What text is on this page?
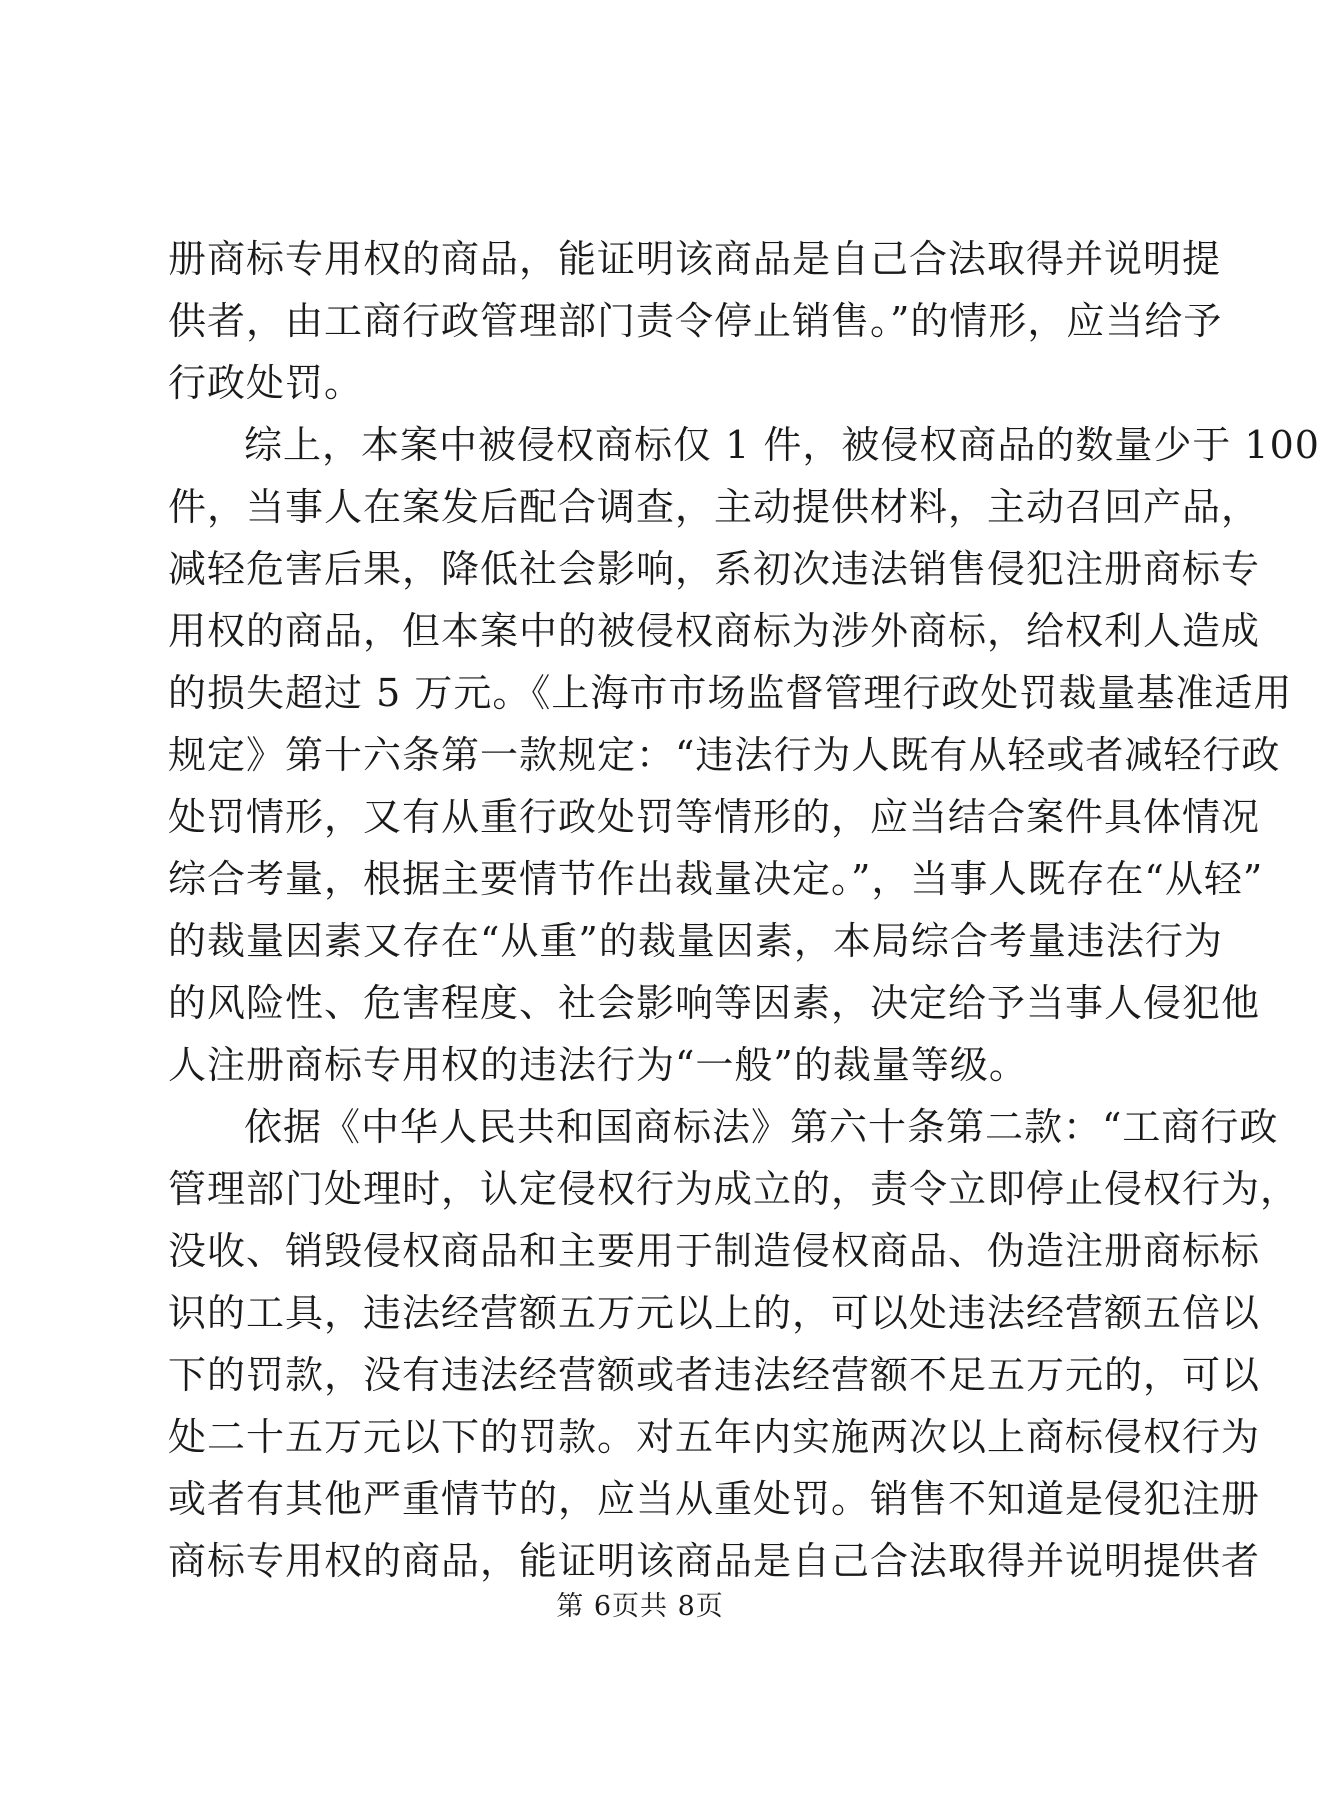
册商标专用权的商品，能证明该商品是自己合法取得并说明提
供者，由工商行政管理部门责令停止销售。”的情形，应当给予
行政处罚。
综上，本案中被侵权商标仅 1 件，被侵权商品的数量少于 100
件，当事人在案发后配合调查，主动提供材料，主动召回产品，
减轻危害后果，降低社会影响，系初次违法销售侵犯注册商标专
用权的商品，但本案中的被侵权商标为涉外商标，给权利人造成
的损失超过 5 万元。《上海市市场监督管理行政处罚裁量基准适用
规定》第十六条第一款规定：“违法行为人既有从轻或者减轻行政
处罚情形，又有从重行政处罚等情形的，应当结合案件具体情况
综合考量，根据主要情节作出裁量决定。”，当事人既存在“从轻”
的裁量因素又存在“从重”的裁量因素，本局综合考量违法行为
的风险性、危害程度、社会影响等因素，决定给予当事人侵犯他
人注册商标专用权的违法行为“一般”的裁量等级。
依据《中华人民共和国商标法》第六十条第二款：“工商行政
管理部门处理时，认定侵权行为成立的，责令立即停止侵权行为，
没收、销毁侵权商品和主要用于制造侵权商品、伪造注册商标标
识的工具，违法经营额五万元以上的，可以处违法经营额五倍以
下的罚款，没有违法经营额或者违法经营额不足五万元的，可以
处二十五万元以下的罚款。对五年内实施两次以上商标侵权行为
或者有其他严重情节的，应当从重处罚。销售不知道是侵犯注册
商标专用权的商品，能证明该商品是自己合法取得并说明提供者
第 6页共 8页
